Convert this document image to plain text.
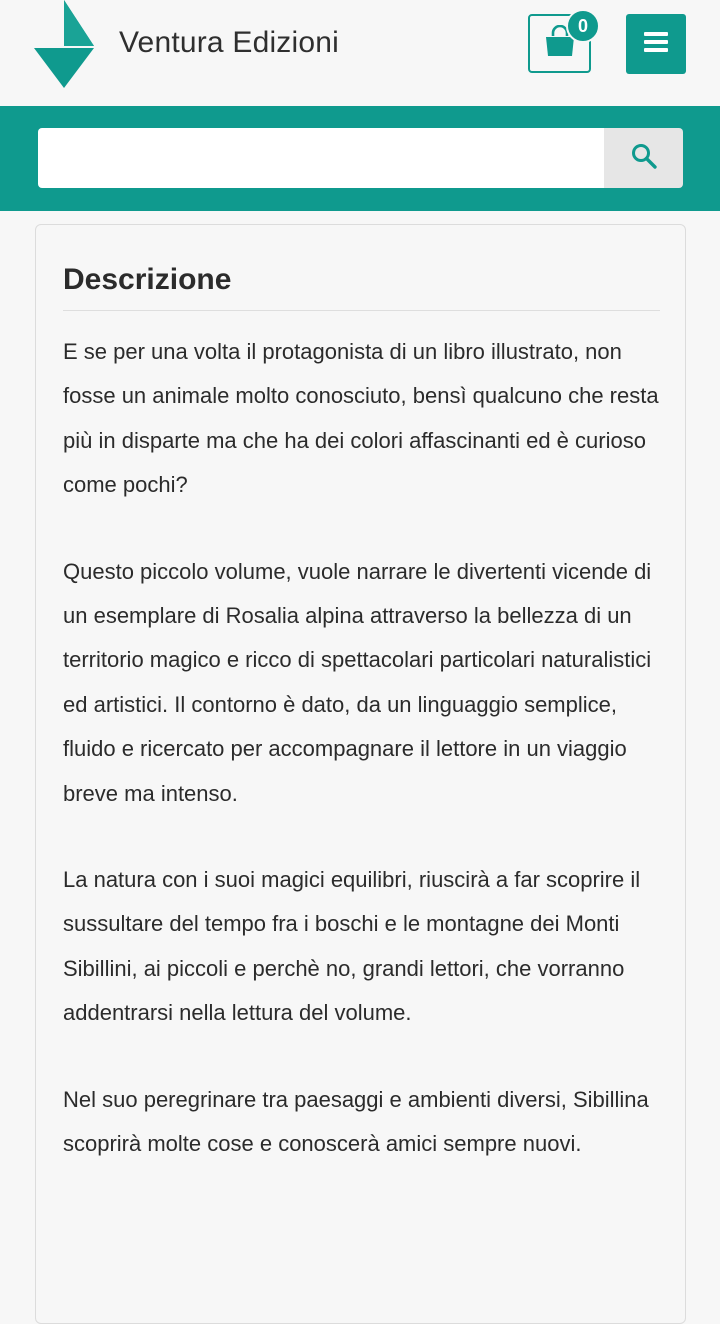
Ventura Edizioni	0
Descrizione

E se per una volta il protagonista di un libro illustrato, non fosse un animale molto conosciuto, bensì qualcuno che resta più in disparte ma che ha dei colori affascinanti ed è curioso come pochi?

Questo piccolo volume, vuole narrare le divertenti vicende di un esemplare di Rosalia alpina attraverso la bellezza di un territorio magico e ricco di spettacolari particolari naturalistici ed artistici. Il contorno è dato, da un linguaggio semplice, fluido e ricercato per accompagnare il lettore in un viaggio breve ma intenso.

La natura con i suoi magici equilibri, riuscirà a far scoprire il sussultare del tempo fra i boschi e le montagne dei Monti Sibillini, ai piccoli e perchè no, grandi lettori, che vorranno addentrarsi nella lettura del volume.

Nel suo peregrinare tra paesaggi e ambienti diversi, Sibillina scoprirà molte cose e conoscerà amici sempre nuovi.
